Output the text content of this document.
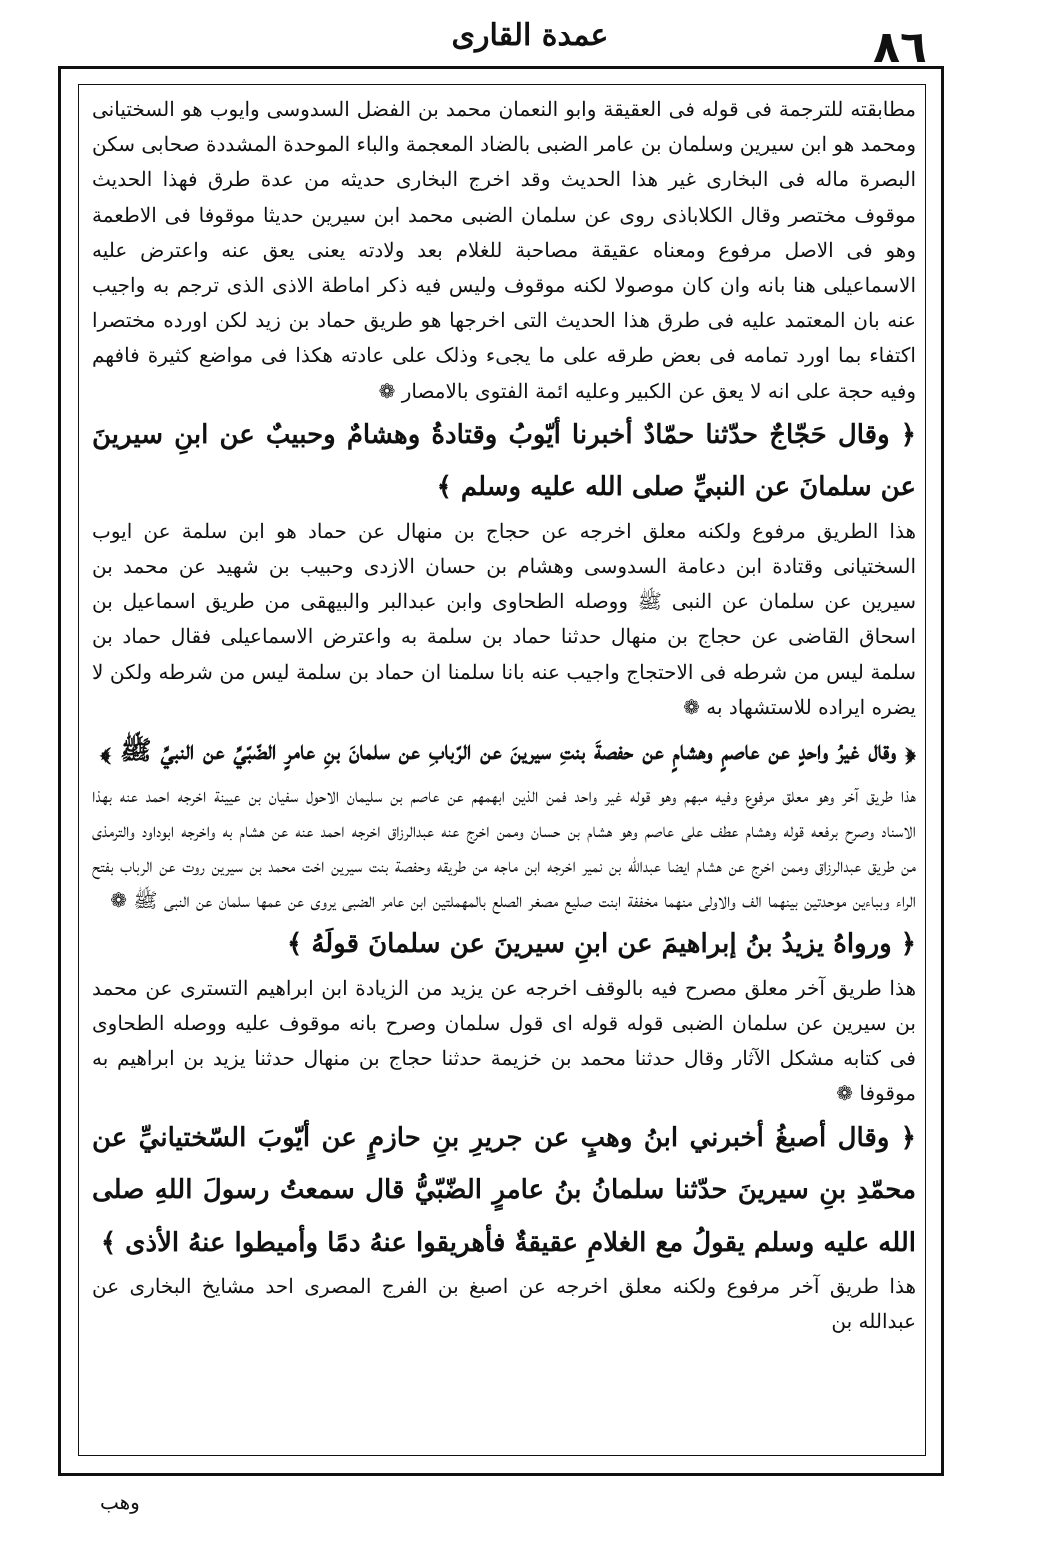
عمدة القاری	٨٦

مطابقته للترجمة فی قوله فی العقیقة وابو النعمان محمد بن الفضل السدوسی وایوب هو السختیانی ومحمد هو ابن سیرین وسلمان بن عامر الضبی بالضاد المعجمة والباء الموحدة المشددة صحابی سکن البصرة ماله فی البخاری غیر هذا الحدیث وقد اخرج البخاری حدیثه من عدة طرق فهذا الحدیث موقوف مختصر وقال الکلاباذی روی عن سلمان الضبی محمد ابن سیرین حدیثا موقوفا فی الاطعمة وهو فی الاصل مرفوع ومعناه عقیقة مصاحبة للغلام بعد ولادته یعنی یعق عنه واعترض علیه الاسماعیلی هنا بانه وان کان موصولا لکنه موقوف ولیس فیه ذکر اماطة الاذی الذی ترجم به واجیب عنه بان المعتمد علیه فی طرق هذا الحدیث التی اخرجها هو طریق حماد بن زید لکن اورده مختصرا اکتفاء بما اورد تمامه فی بعض طرقه علی ما یجیء وذلک علی عادته هکذا فی مواضع کثیرة فافهم وفیه حجة علی انه لا یعق عن الکبیر وعلیه ائمة الفتوی بالامصار ❁

﴿ وقال حَجّاجٌ حدّثنا حمّادٌ أخبرنا أيّوبُ وقتادةُ وهشامٌ وحبيبٌ عن ابنِ سيرينَ عن سلمانَ عن النبيِّ صلى الله عليه وسلم ﴾

هذا الطریق مرفوع ولکنه معلق اخرجه عن حجاج بن منهال عن حماد هو ابن سلمة عن ایوب السختیانی وقتادة ابن دعامة السدوسی وهشام بن حسان الازدی وحبیب بن شهید عن محمد بن سیرین عن سلمان عن النبی ﷺ ووصله الطحاوی وابن عبدالبر والبیهقی من طریق اسماعیل بن اسحاق القاضی عن حجاج بن منهال حدثنا حماد بن سلمة به واعترض الاسماعیلی فقال حماد بن سلمة لیس من شرطه فی الاحتجاج واجیب عنه بانا سلمنا ان حماد بن سلمة لیس من شرطه ولکن لا یضره ایراده للاستشهاد به ❁

﴿ وقال غيرُ واحدٍ عن عاصمٍ وهشامٍ عن حفصةَ بنتِ سيرينَ عن الرّبابِ عن سلمانَ بنِ عامرٍ الضّبّيِّ عن النبيِّ ﷺ ﴾

هذا طریق آخر وهو معلق مرفوع وفیه مبهم وهو قوله غیر واحد فمن الذین ابهمهم عن عاصم بن سلیمان الاحول سفیان بن عیینة اخرجه احمد عنه بهذا الاسناد وصرح برفعه قوله وهشام عطف علی عاصم وهو هشام بن حسان وممن اخرج عنه عبدالرزاق اخرجه احمد عنه عن هشام به واخرجه ابوداود والترمذی من طریق عبدالرزاق وممن اخرج عن هشام ایضا عبدالله بن نمیر اخرجه ابن ماجه من طریقه وحفصة بنت سیرین اخت محمد بن سیرین روت عن الرباب بفتح الراء وبباءین موحدتین بینهما الف والاولی منهما مخففة ابنت صلیع مصغر الصلع بالمهملتین ابن عامر الضبی یروی عن عمها سلمان عن النبی ﷺ ❁

﴿ ورواهُ يزيدُ بنُ إبراهيمَ عن ابنِ سيرينَ عن سلمانَ قولَهُ ﴾

هذا طریق آخر معلق مصرح فیه بالوقف اخرجه عن یزید من الزیادة ابن ابراهیم التستری عن محمد بن سیرین عن سلمان الضبی قوله قوله ای قول سلمان وصرح بانه موقوف علیه ووصله الطحاوی فی کتابه مشکل الآثار وقال حدثنا محمد بن خزیمة حدثنا حجاج بن منهال حدثنا یزید بن ابراهیم به موقوفا ❁

﴿ وقال أصبغُ أخبرني ابنُ وهبٍ عن جريرِ بنِ حازمٍ عن أيّوبَ السّختيانيِّ عن محمّدِ بنِ سيرينَ حدّثنا سلمانُ بنُ عامرٍ الضّبّيُّ قال سمعتُ رسولَ اللهِ صلى الله عليه وسلم يقولُ مع الغلامِ عقيقةٌ فأهريقوا عنهُ دمًا وأميطوا عنهُ الأذى ﴾

هذا طریق آخر مرفوع ولکنه معلق اخرجه عن اصبغ بن الفرج المصری احد مشایخ البخاری عن عبدالله بن

وهب
